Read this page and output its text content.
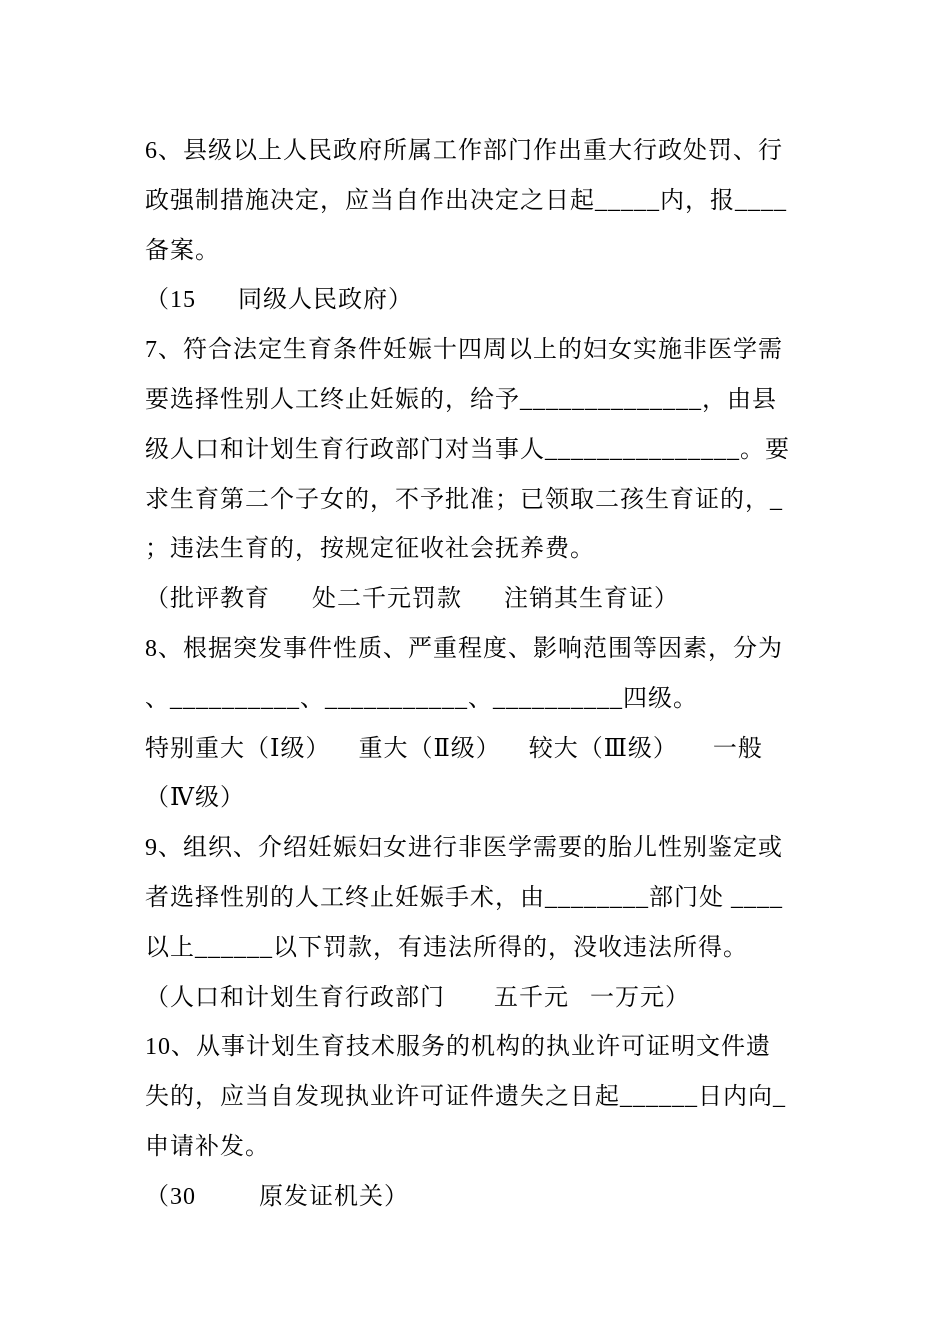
6、县级以上人民政府所属工作部门作出重大行政处罚、行
政强制措施决定，应当自作出决定之日起_____内，报____
备案。
（15      同级人民政府）
7、符合法定生育条件妊娠十四周以上的妇女实施非医学需
要选择性别人工终止妊娠的，给予______________，由县
级人口和计划生育行政部门对当事人_______________。要
求生育第二个子女的，不予批准；已领取二孩生育证的，_
；违法生育的，按规定征收社会抚养费。
（批评教育      处二千元罚款      注销其生育证）
8、根据突发事件性质、严重程度、影响范围等因素，分为
、__________、___________、__________四级。
特别重大（Ⅰ级）    重大（Ⅱ级）    较大（Ⅲ级）     一般
（Ⅳ级）
9、组织、介绍妊娠妇女进行非医学需要的胎儿性别鉴定或
者选择性别的人工终止妊娠手术，由________部门处 ____
以上______以下罚款，有违法所得的，没收违法所得。
（人口和计划生育行政部门       五千元   一万元）
10、从事计划生育技术服务的机构的执业许可证明文件遗
失的，应当自发现执业许可证件遗失之日起______日内向_
申请补发。
（30         原发证机关）
